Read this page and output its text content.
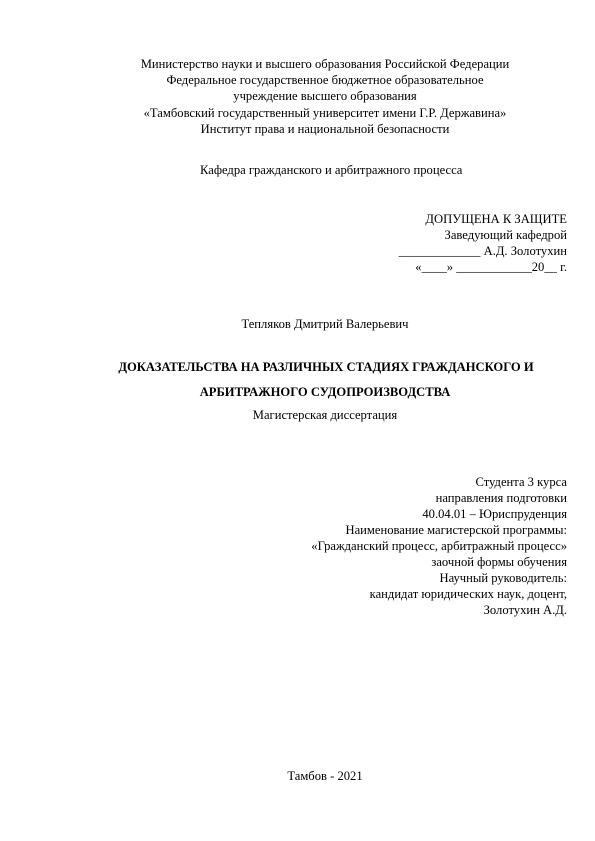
Министерство науки и высшего образования Российской Федерации
Федеральное государственное бюджетное образовательное
учреждение высшего образования
«Тамбовский государственный университет имени Г.Р. Державина»
Институт права и национальной безопасности
Кафедра гражданского и арбитражного процесса
ДОПУЩЕНА К ЗАЩИТЕ
Заведующий кафедрой
_____________ А.Д. Золотухин
«____» ____________20__ г.
Тепляков Дмитрий Валерьевич
ДОКАЗАТЕЛЬСТВА НА РАЗЛИЧНЫХ СТАДИЯХ ГРАЖДАНСКОГО И
АРБИТРАЖНОГО СУДОПРОИЗВОДСТВА
Магистерская диссертация
Студента 3 курса
направления подготовки
40.04.01 – Юриспруденция
Наименование магистерской программы:
«Гражданский процесс, арбитражный процесс»
заочной формы обучения
Научный руководитель:
кандидат юридических наук, доцент,
Золотухин А.Д.
Тамбов - 2021
